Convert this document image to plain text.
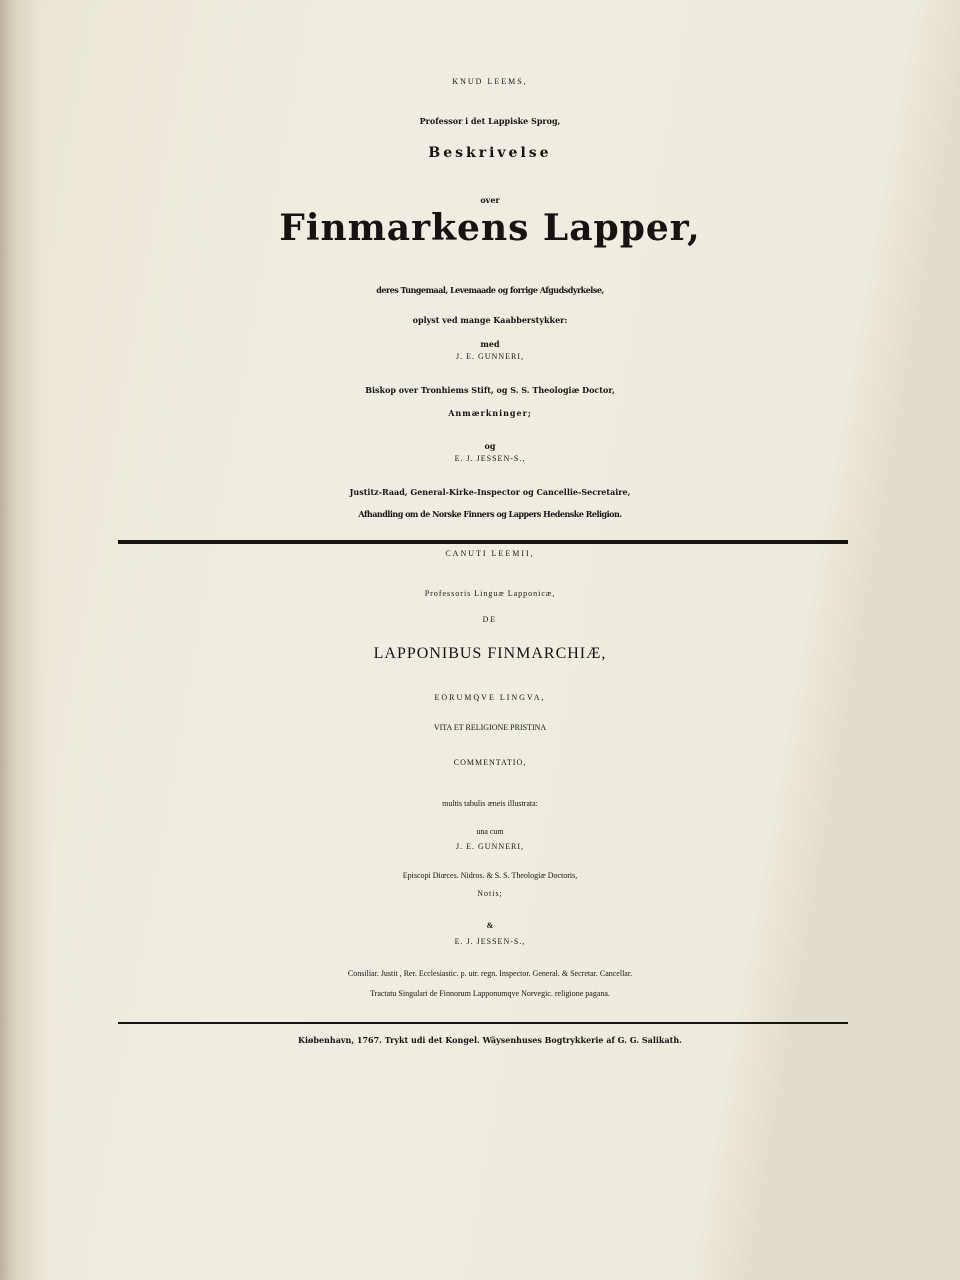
KNUD LEEMS,
Professor i det Lappiske Sprog,
Beskrivelse
over
Finmarkens Lapper,
deres Tungemaal, Levemaade og forrige Afgudsdyrkelse,
oplyst ved mange Kaabberstykker:
med
J. E. GUNNERI,
Biskop over Tronhiems Stift, og S. S. Theologiæ Doctor,
Anmærkninger;
og
E. J. JESSEN-S.,
Justitz-Raad, General-Kirke-Inspector og Cancellie-Secretaire,
Afhandling om de Norske Finners og Lappers Hedenske Religion.
CANUTI LEEMII,
Professoris Linguæ Lapponicæ,
DE
LAPPONIBUS FINMARCHIÆ,
EORUMQVE LINGVA,
VITA ET RELIGIONE PRISTINA
COMMENTATIO,
multis tabulis æneis illustrata:
una cum
J. E. GUNNERI,
Episcopi Diœces. Nidros. & S. S. Theologiæ Doctoris,
Notis;
&
E. J. JESSEN-S.,
Consiliar. Justit , Rer. Ecclesiastic. p. utr. regn. Inspector. General. & Secretar. Cancellar.
Tractatu Singulari de Finnorum Lapponumqve Norvegic. religione pagana.
Kiøbenhavn, 1767. Trykt udi det Kongel. Wäysenhuses Bogtrykkerie af G. G. Salikath.
